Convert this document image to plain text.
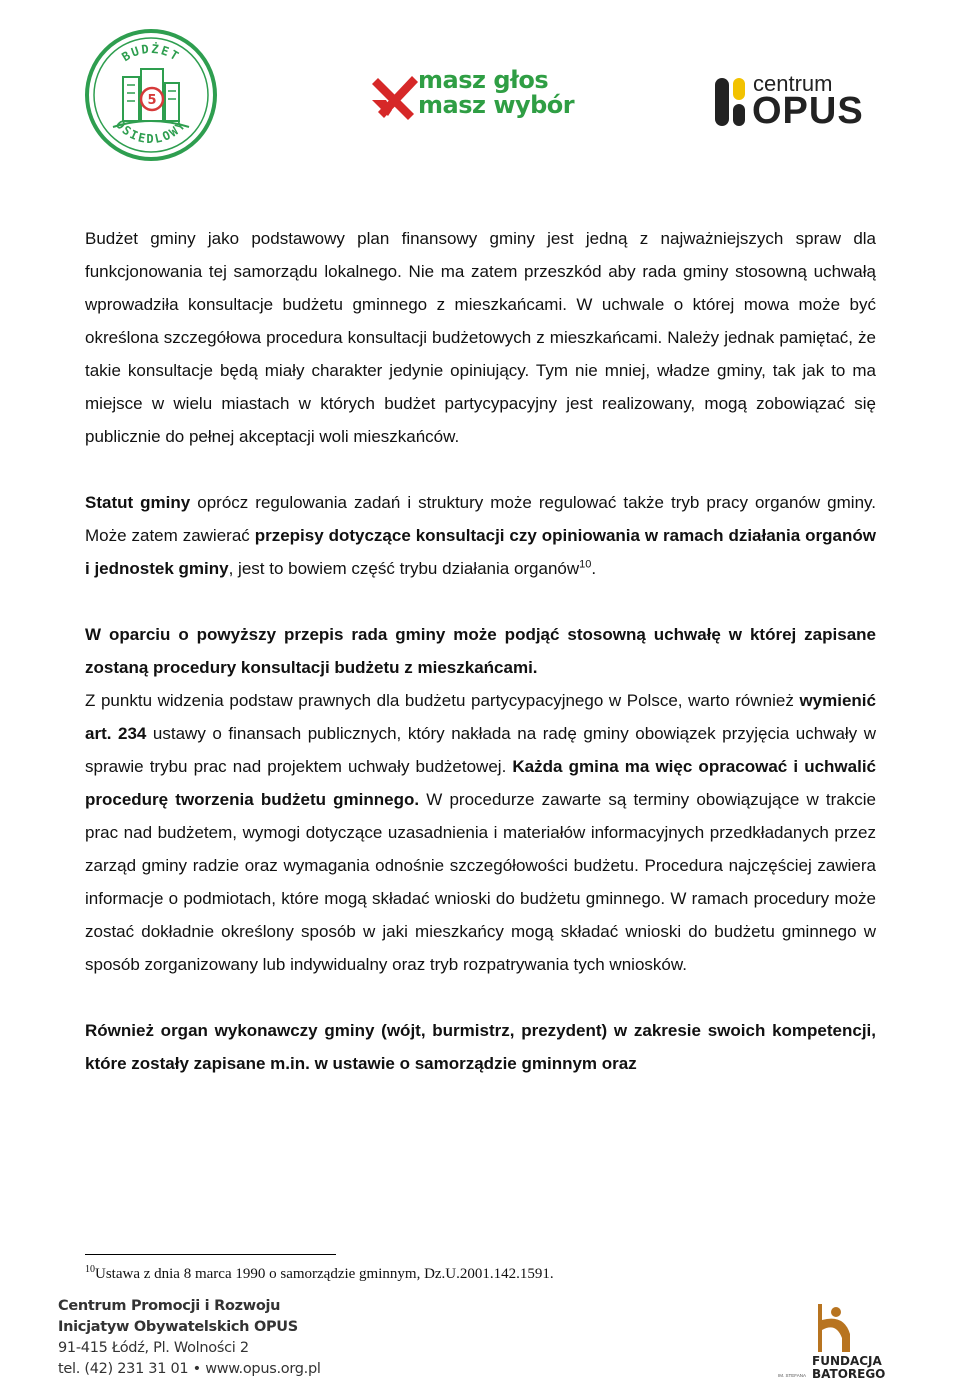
BUDŻET
OSIEDLOWY
5
masz głos
masz wybór
centrum
OPUS

Budżet gminy jako podstawowy plan finansowy gminy jest jedną z najważniejszych spraw dla funkcjonowania tej samorządu lokalnego. Nie ma zatem przeszkód aby rada gminy stosowną uchwałą wprowadziła konsultacje budżetu gminnego z mieszkańcami. W uchwale o której mowa może być określona szczegółowa procedura konsultacji budżetowych z mieszkańcami. Należy jednak pamiętać, że takie konsultacje będą miały charakter jedynie opiniujący. Tym nie mniej, władze gminy, tak jak to ma miejsce w wielu miastach w których budżet partycypacyjny jest realizowany, mogą zobowiązać się publicznie do pełnej akceptacji woli mieszkańców.

Statut gminy oprócz regulowania zadań i struktury może regulować także tryb pracy organów gminy. Może zatem zawierać przepisy dotyczące konsultacji czy opiniowania w ramach działania organów i jednostek gminy, jest to bowiem część trybu działania organów$^{10}$.

W oparciu o powyższy przepis rada gminy może podjąć stosowną uchwałę w której zapisane zostaną procedury konsultacji budżetu z mieszkańcami.

Z punktu widzenia podstaw prawnych dla budżetu partycypacyjnego w Polsce, warto również wymienić art. 234 ustawy o finansach publicznych, który nakłada na radę gminy obowiązek przyjęcia uchwały w sprawie trybu prac nad projektem uchwały budżetowej. Każda gmina ma więc opracować i uchwalić procedurę tworzenia budżetu gminnego. W procedurze zawarte są terminy obowiązujące w trakcie prac nad budżetem, wymogi dotyczące uzasadnienia i materiałów informacyjnych przedkładanych przez zarząd gminy radzie oraz wymagania odnośnie szczegółowości budżetu. Procedura najczęściej zawiera informacje o podmiotach, które mogą składać wnioski do budżetu gminnego. W ramach procedury może zostać dokładnie określony sposób w jaki mieszkańcy mogą składać wnioski do budżetu gminnego w sposób zorganizowany lub indywidualny oraz tryb rozpatrywania tych wniosków.

Również organ wykonawczy gminy (wójt, burmistrz, prezydent) w zakresie swoich kompetencji, które zostały zapisane m.in. w ustawie o samorządzie gminnym oraz

$^{10}$Ustawa z dnia 8 marca 1990 o samorządzie gminnym, Dz.U.2001.142.1591.
Centrum Promocji i Rozwoju
Inicjatyw Obywatelskich OPUS
91-415 Łódź, Pl. Wolności 2
tel. (42) 231 31 01 • www.opus.org.pl	IM. STEFANA
FUNDACJA
BATOREGO
